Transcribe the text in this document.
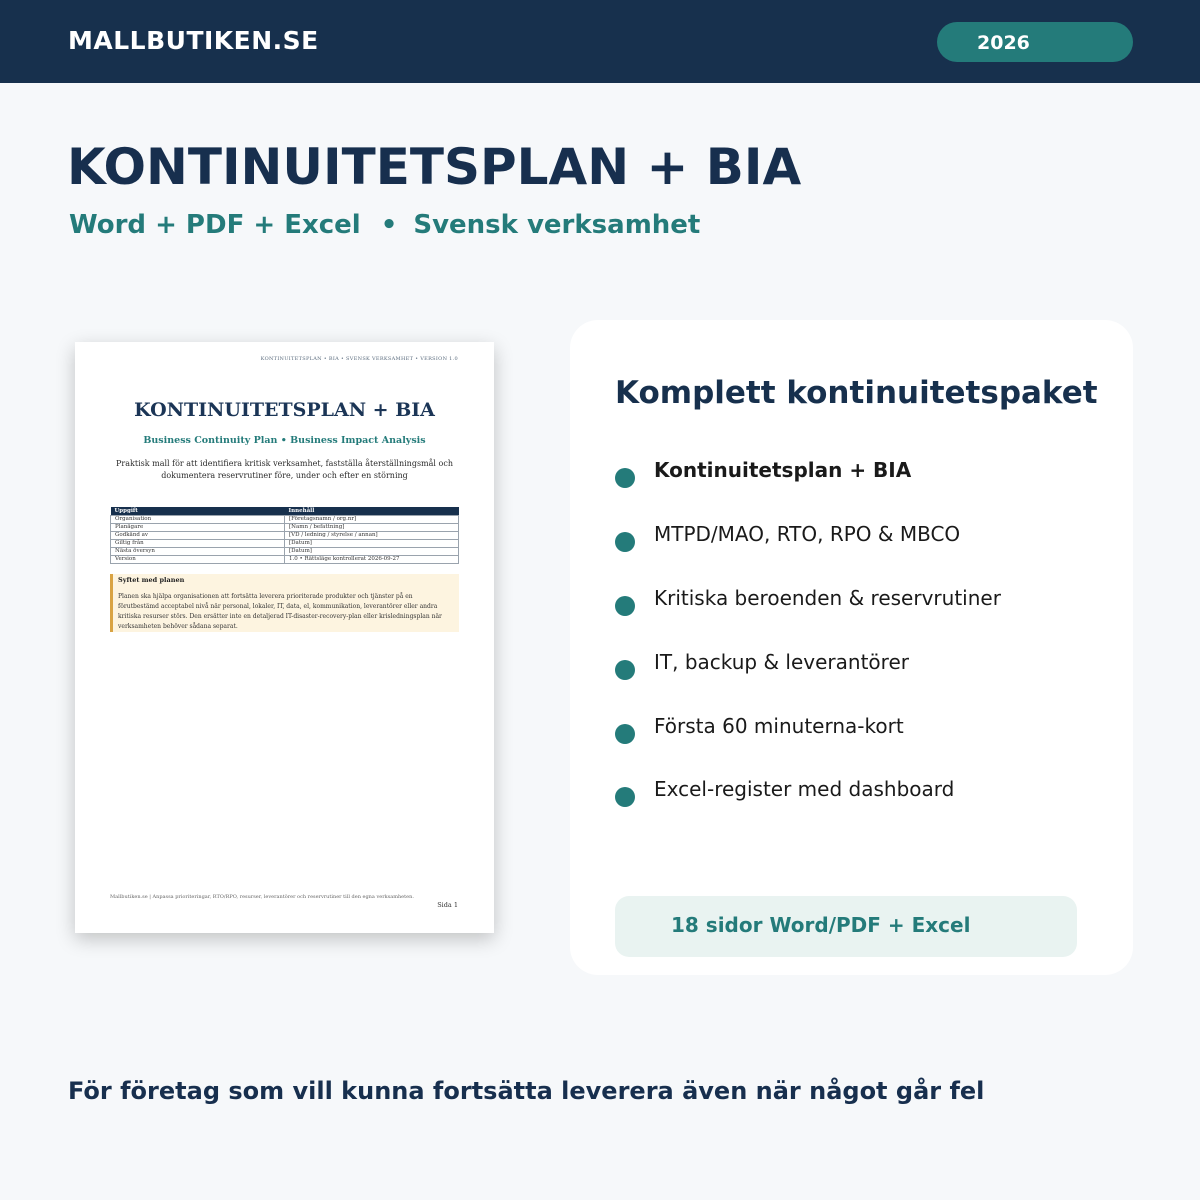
MALLBUTIKEN.SE	2026
KONTINUITETSPLAN + BIA
Word + PDF + Excel • Svensk verksamhet
KONTINUITETSPLAN • BIA • SVENSK VERKSAMHET • VERSION 1.0
KONTINUITETSPLAN + BIA
Business Continuity Plan • Business Impact Analysis
Praktisk mall för att identifiera kritisk verksamhet, fastställa återställningsmål och dokumentera reservrutiner före, under och efter en störning
Uppgift	Innehåll
Organisation	[Företagsnamn / org.nr]
Planägare	[Namn / befattning]
Godkänd av	[VD / ledning / styrelse / annan]
Giltig från	[Datum]
Nästa översyn	[Datum]
Version	1.0 • Rättsläge kontrollerat 2026-09-27
Syftet med planen
Planen ska hjälpa organisationen att fortsätta leverera prioriterade produkter och tjänster på en förutbestämd acceptabel nivå när personal, lokaler, IT, data, el, kommunikation, leverantörer eller andra kritiska resurser störs. Den ersätter inte en detaljerad IT-disaster-recovery-plan eller krisledningsplan när verksamheten behöver sådana separat.
Mallbutiken.se | Anpassa prioriteringar, RTO/RPO, resurser, leverantörer och reservrutiner till den egna verksamheten.
Sida 1
Komplett kontinuitetspaket
Kontinuitetsplan + BIA
MTPD/MAO, RTO, RPO & MBCO
Kritiska beroenden & reservrutiner
IT, backup & leverantörer
Första 60 minuterna-kort
Excel-register med dashboard
18 sidor Word/PDF + Excel
För företag som vill kunna fortsätta leverera även när något går fel
